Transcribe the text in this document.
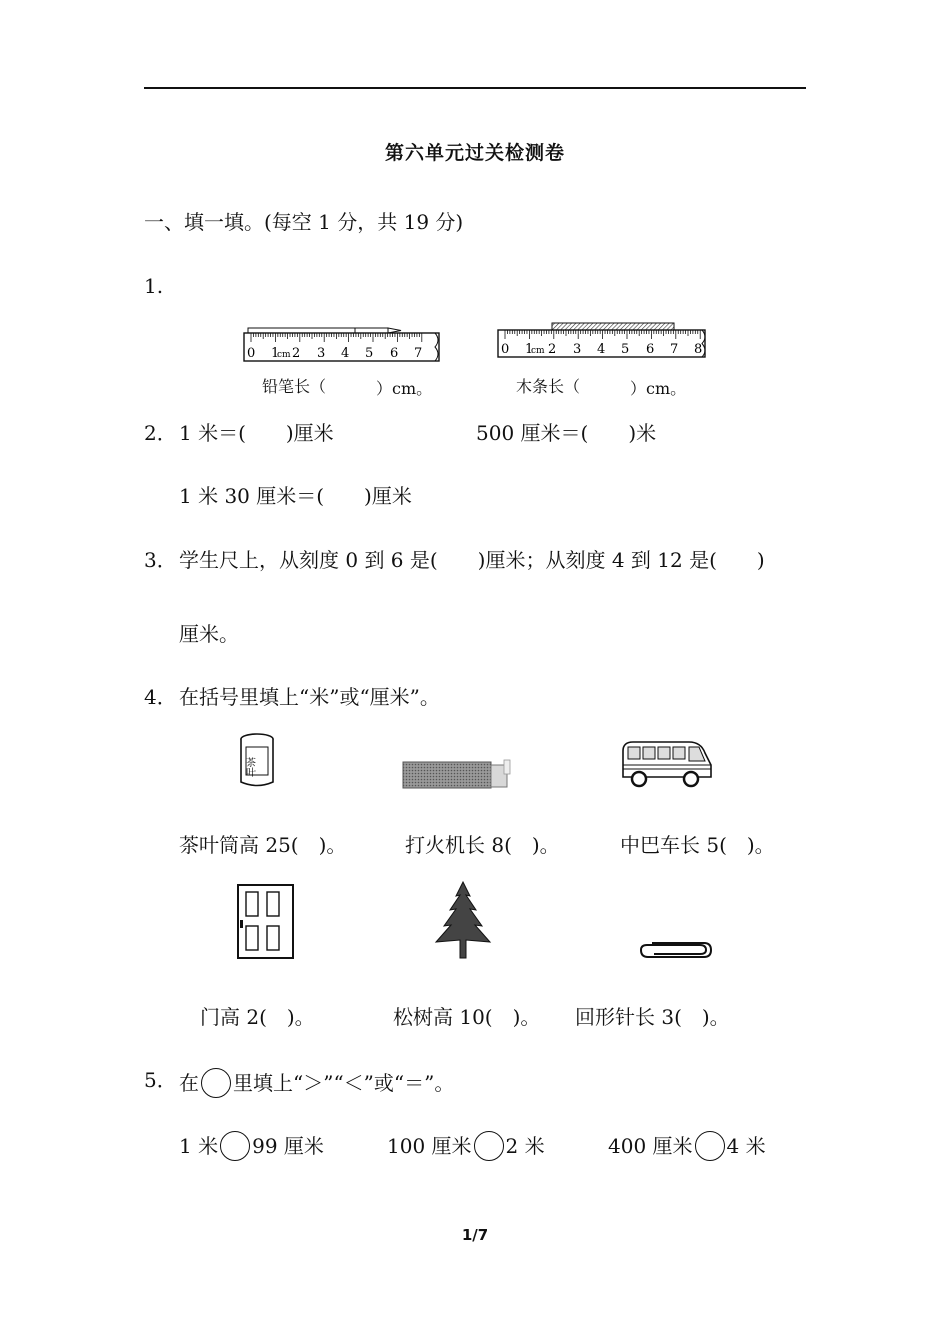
第六单元过关检测卷
一、填一填。(每空 1 分，共 19 分)
1.
0 1
cm 2 3 4 5 6 7	0 1
cm 2 3 4 5 6 7 8
铅笔长（	）cm。	木条长（	）cm。
2． 1 米＝(　　)厘米	500 厘米＝(　　)米
1 米 30 厘米＝(　　)厘米
3． 学生尺上，从刻度 0 到 6 是(　　)厘米；从刻度 4 到 12 是(　　)
厘米。
4． 在括号里填上“米”或“厘米”。
茶叶
茶叶筒高 25(　)。	打火机长 8(　)。	中巴车长 5(　)。
门高 2(　)。	松树高 10(　)。 回形针长 3(　)。
5． 在 里填上“＞”“＜”或“＝”。
1 米 99 厘米	100 厘米 2 米	400 厘米 4 米
1/7
